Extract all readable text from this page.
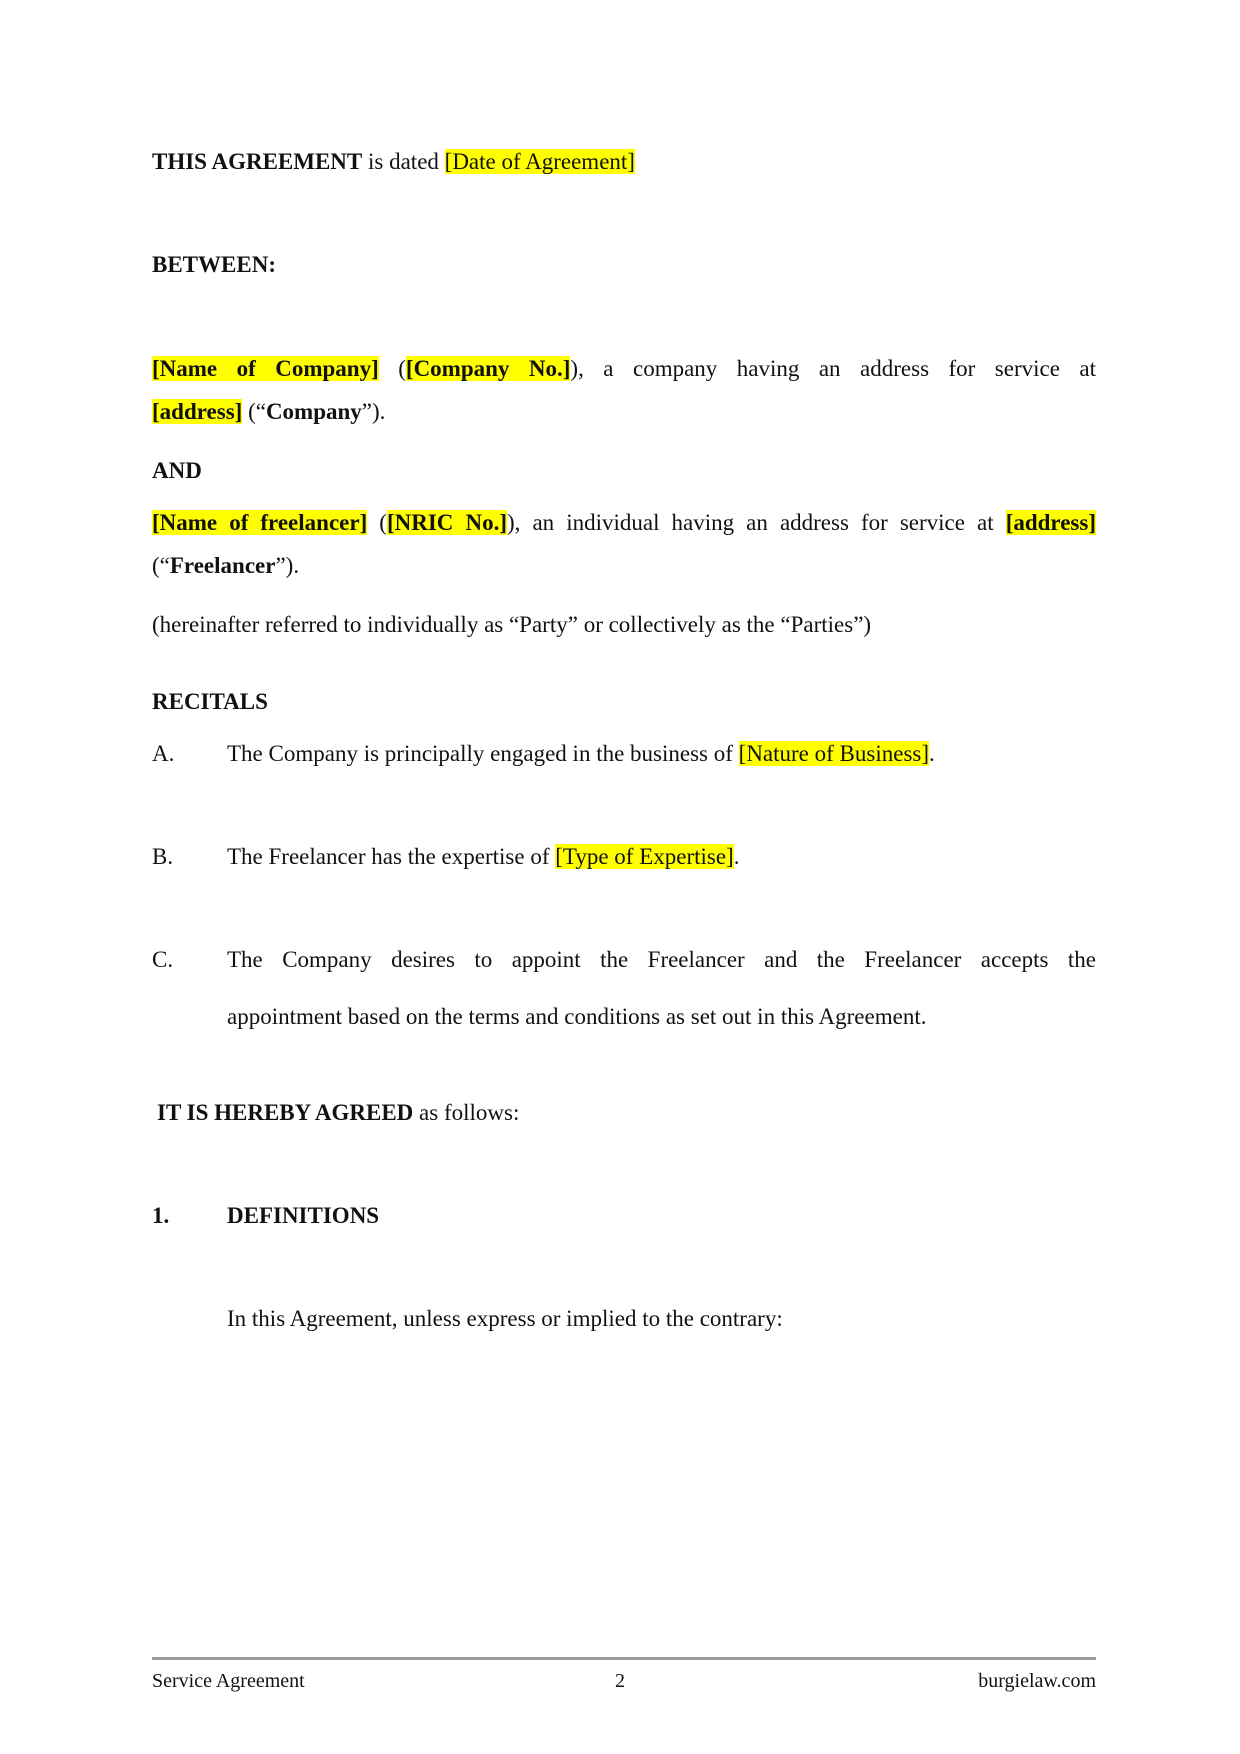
THIS AGREEMENT is dated [Date of Agreement]
BETWEEN:
[Name of Company] ([Company No.]), a company having an address for service at
[address] (“Company”).
AND
[Name of freelancer] ([NRIC No.]), an individual having an address for service at [address]
(“Freelancer”).
(hereinafter referred to individually as “Party” or collectively as the “Parties”)
RECITALS
A. The Company is principally engaged in the business of [Nature of Business].
B. The Freelancer has the expertise of [Type of Expertise].
C. The Company desires to appoint the Freelancer and the Freelancer accepts the
appointment based on the terms and conditions as set out in this Agreement.
IT IS HEREBY AGREED as follows:
1.	DEFINITIONS
In this Agreement, unless express or implied to the contrary:
Service Agreement	2	burgielaw.com
